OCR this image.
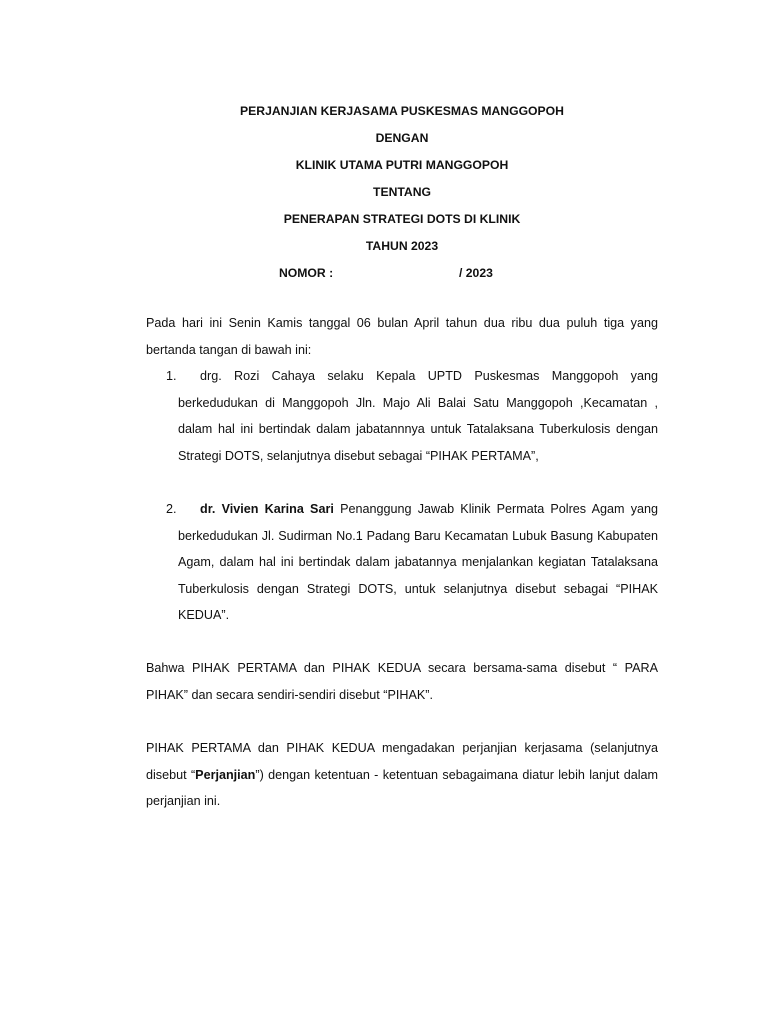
PERJANJIAN KERJASAMA PUSKESMAS MANGGOPOH
DENGAN
KLINIK UTAMA PUTRI MANGGOPOH
TENTANG
PENERAPAN STRATEGI DOTS DI KLINIK
TAHUN 2023
NOMOR :	/ 2023

Pada hari ini Senin Kamis tanggal 06 bulan April tahun dua ribu dua puluh tiga yang bertanda tangan di bawah ini:

1.	drg. Rozi Cahaya selaku Kepala UPTD Puskesmas Manggopoh yang berkedudukan di Manggopoh Jln. Majo Ali Balai Satu Manggopoh ,Kecamatan , dalam hal ini bertindak dalam jabatannnya untuk Tatalaksana Tuberkulosis dengan Strategi DOTS, selanjutnya disebut sebagai “PIHAK PERTAMA”,

2.	dr. Vivien Karina Sari Penanggung Jawab Klinik Permata Polres Agam yang berkedudukan Jl. Sudirman No.1 Padang Baru Kecamatan Lubuk Basung Kabupaten Agam, dalam hal ini bertindak dalam jabatannya menjalankan kegiatan Tatalaksana Tuberkulosis dengan Strategi DOTS, untuk selanjutnya disebut sebagai “PIHAK KEDUA”.

Bahwa PIHAK PERTAMA dan PIHAK KEDUA secara bersama-sama disebut “ PARA PIHAK” dan secara sendiri-sendiri disebut “PIHAK”.

PIHAK PERTAMA dan PIHAK KEDUA mengadakan perjanjian kerjasama (selanjutnya disebut “Perjanjian”) dengan ketentuan - ketentuan sebagaimana diatur lebih lanjut dalam perjanjian ini.
